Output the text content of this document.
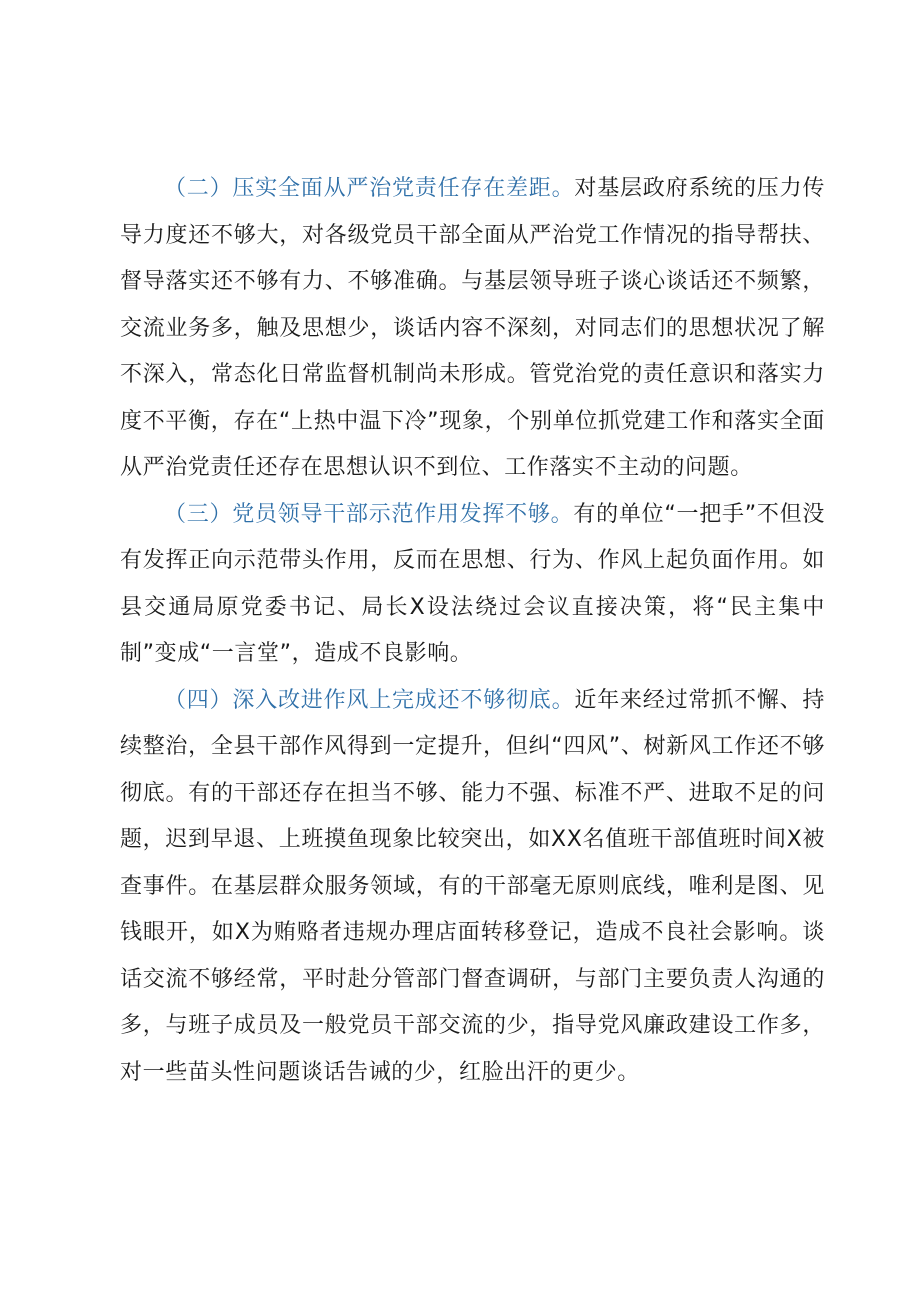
（二）压实全面从严治党责任存在差距。对基层政府系统的压力传导力度还不够大，对各级党员干部全面从严治党工作情况的指导帮扶、督导落实还不够有力、不够准确。与基层领导班子谈心谈话还不频繁，交流业务多，触及思想少，谈话内容不深刻，对同志们的思想状况了解不深入，常态化日常监督机制尚未形成。管党治党的责任意识和落实力度不平衡，存在“上热中温下冷”现象，个别单位抓党建工作和落实全面从严治党责任还存在思想认识不到位、工作落实不主动的问题。

（三）党员领导干部示范作用发挥不够。有的单位“一把手”不但没有发挥正向示范带头作用，反而在思想、行为、作风上起负面作用。如县交通局原党委书记、局长X设法绕过会议直接决策，将“民主集中制”变成“一言堂”，造成不良影响。

（四）深入改进作风上完成还不够彻底。近年来经过常抓不懈、持续整治，全县干部作风得到一定提升，但纠“四风”、树新风工作还不够彻底。有的干部还存在担当不够、能力不强、标准不严、进取不足的问题，迟到早退、上班摸鱼现象比较突出，如XX名值班干部值班时间X被查事件。在基层群众服务领域，有的干部毫无原则底线，唯利是图、见钱眼开，如X为贿赂者违规办理店面转移登记，造成不良社会影响。谈话交流不够经常，平时赴分管部门督查调研，与部门主要负责人沟通的多，与班子成员及一般党员干部交流的少，指导党风廉政建设工作多，对一些苗头性问题谈话告诫的少，红脸出汗的更少。
